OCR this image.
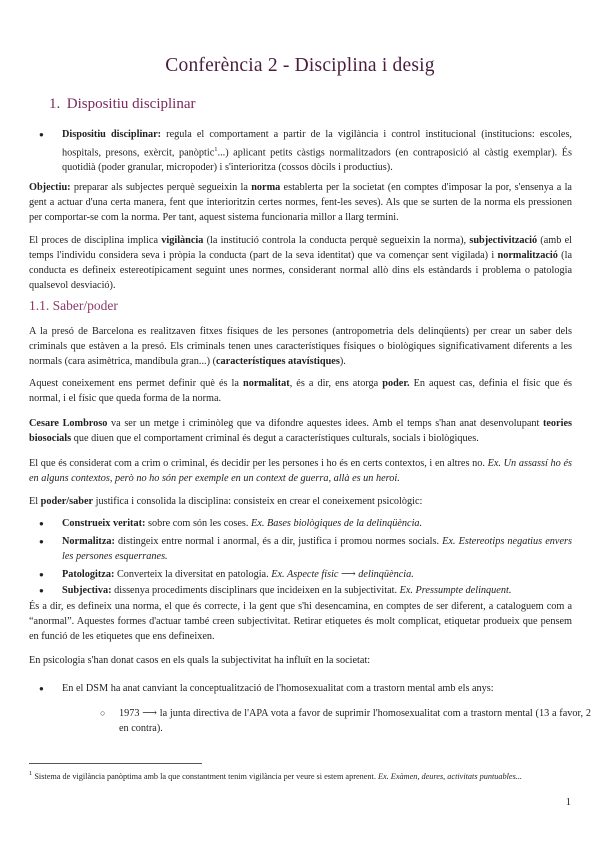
Conferència 2 - Disciplina i desig
1. Dispositiu disciplinar
● Dispositiu disciplinar: regula el comportament a partir de la vigilància i control institucional (institucions: escoles, hospitals, presons, exèrcit, panòptic$^1$...) aplicant petits càstigs normalitzadors (en contraposició al càstig exemplar). És quotidià (poder granular, micropoder) i s'interioritza (cossos dòcils i productius).

Objectiu: preparar als subjectes perquè segueixin la norma establerta per la societat (en comptes d'imposar la por, s'ensenya a la gent a actuar d'una certa manera, fent que interioritzin certes normes, fent-les seves). Als que se surten de la norma els pressionen per comportar-se com la norma. Per tant, aquest sistema funcionaria millor a llarg termini.

El proces de disciplina implica vigilància (la institució controla la conducta perquè segueixin la norma), subjectivització (amb el temps l'individu considera seva i pròpia la conducta (part de la seva identitat) que va començar sent vigilada) i normalització (la conducta es defineix estereotípicament seguint unes normes, considerant normal allò dins els estàndards i problema o patologia qualsevol desviació).

1.1. Saber/poder

A la presó de Barcelona es realitzaven fitxes físiques de les persones (antropometria dels delinqüents) per crear un saber dels criminals que estàven a la presó. Els criminals tenen unes característiques físiques o biològiques significativament diferents a les normals (cara asimètrica, mandíbula gran...) (característiques atavístiques).

Aquest coneixement ens permet definir què és la normalitat, és a dir, ens atorga poder. En aquest cas, definia el físic que és normal, i el físic que queda forma de la norma.

Cesare Lombroso va ser un metge i criminòleg que va difondre aquestes idees. Amb el temps s'han anat desenvolupant teories biosocials que diuen que el comportament criminal és degut a característiques culturals, socials i biològiques.

El que és considerat com a crim o criminal, és decidir per les persones i ho és en certs contextos, i en altres no. Ex. Un assassí ho és en alguns contextos, però no ho són per exemple en un context de guerra, allà es un heroi.

El poder/saber justifica i consolida la disciplina: consisteix en crear el coneixement psicològic:

● Construeix veritat: sobre com són les coses. Ex. Bases biològiques de la delinqüència.
● Normalitza: distingeix entre normal i anormal, és a dir, justifica i promou normes socials. Ex. Estereotips negatius envers les persones esquerranes.
● Patologitza: Converteix la diversitat en patologia. Ex. Aspecte físic ⟶ delinqüència.
● Subjectiva: dissenya procediments disciplinars que incideixen en la subjectivitat. Ex. Pressumpte delinquent.

És a dir, es defineix una norma, el que és correcte, i la gent que s'hi desencamina, en comptes de ser diferent, a cataloguem com a “anormal”. Aquestes formes d'actuar també creen subjectivitat. Retirar etiquetes és molt complicat, etiquetar produeix que pensem en funció de les etiquetes que ens defineixen.

En psicologia s'han donat casos en els quals la subjectivitat ha influït en la societat:

● En el DSM ha anat canviant la conceptualització de l'homosexualitat com a trastorn mental amb els anys:

○ 1973 ⟶ la junta directiva de l'APA vota a favor de suprimir l'homosexualitat com a trastorn mental (13 a favor, 2 en contra).

$^1$ Sistema de vigilància panòptima amb la que constantment tenim vigilància per veure si estem aprenent. Ex. Exàmen, deures, activitats puntuables...

1
